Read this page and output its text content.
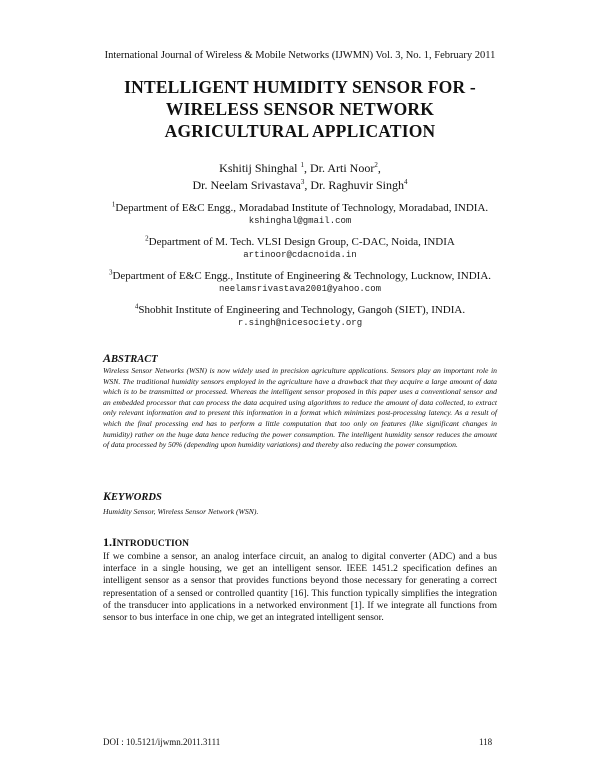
International Journal of Wireless & Mobile Networks (IJWMN) Vol. 3, No. 1, February 2011
INTELLIGENT HUMIDITY SENSOR FOR -
WIRELESS SENSOR NETWORK
AGRICULTURAL APPLICATION
Kshitij Shinghal $^1$, Dr. Arti Noor$^2$,
Dr. Neelam Srivastava$^3$, Dr. Raghuvir Singh$^4$
$^1$Department of E&C Engg., Moradabad Institute of Technology, Moradabad, INDIA.
kshinghal@gmail.com
$^2$Department of M. Tech. VLSI Design Group, C-DAC, Noida, INDIA
artinoor@cdacnoida.in
$^3$Department of E&C Engg., Institute of Engineering & Technology, Lucknow, INDIA.
neelamsrivastava2001@yahoo.com
$^4$Shobhit Institute of Engineering and Technology, Gangoh (SIET), INDIA.
r.singh@nicesociety.org
ABSTRACT
Wireless Sensor Networks (WSN) is now widely used in precision agriculture applications. Sensors play an important role in WSN. The traditional humidity sensors employed in the agriculture have a drawback that they acquire a large amount of data which is to be transmitted or processed. Whereas the intelligent sensor proposed in this paper uses a conventional sensor and an embedded processor that can process the data acquired using algorithms to reduce the amount of data collected, to extract only relevant information and to present this information in a format which minimizes post-processing latency. As a result of which the final processing end has to perform a little computation that too only on features (like significant changes in humidity) rather on the huge data hence reducing the power consumption. The intelligent humidity sensor reduces the amount of data processed by 50% (depending upon humidity variations) and thereby also reducing the power consumption.
KEYWORDS
Humidity Sensor, Wireless Sensor Network (WSN).
1.INTRODUCTION
If we combine a sensor, an analog interface circuit, an analog to digital converter (ADC) and a bus interface in a single housing, we get an intelligent sensor. IEEE 1451.2 specification defines an intelligent sensor as a sensor that provides functions beyond those necessary for generating a correct representation of a sensed or controlled quantity [16]. This function typically simplifies the integration of the transducer into applications in a networked environment [1]. If we integrate all functions from sensor to bus interface in one chip, we get an integrated intelligent sensor.
DOI : 10.5121/ijwmn.2011.3111	118
